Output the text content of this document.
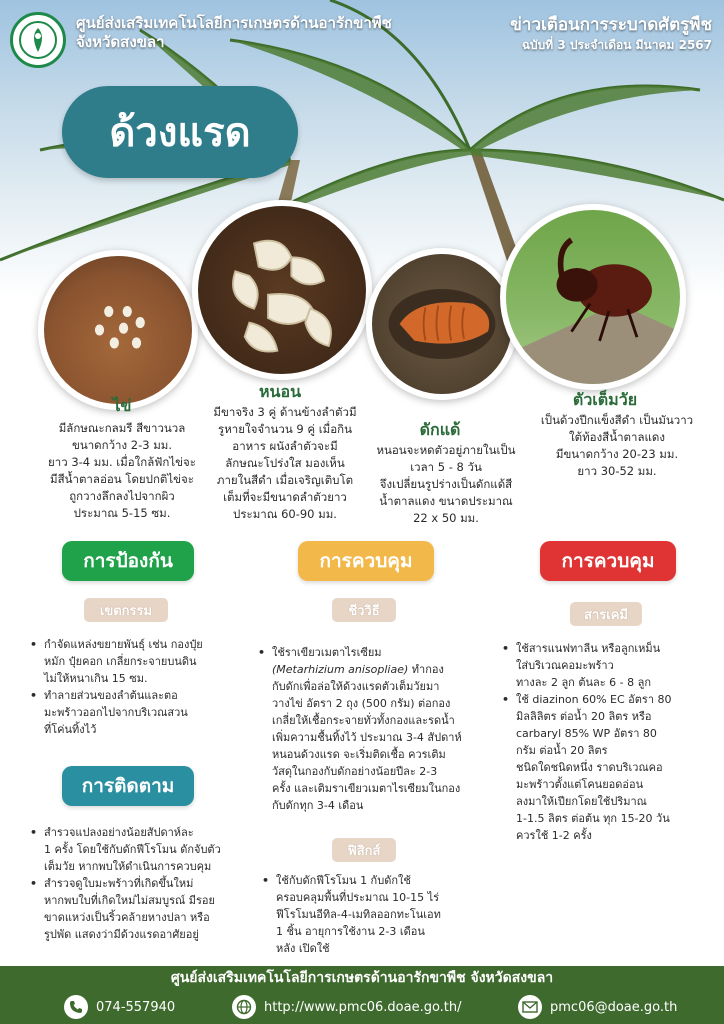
ศูนย์ส่งเสริมเทคโนโลยีการเกษตรด้านอารักขาพืช
จังหวัดสงขลา
ข่าวเตือนการระบาดศัตรูพืช
ฉบับที่ 3 ประจำเดือน มีนาคม 2567
ด้วงแรด
ไข่
มีลักษณะกลมรี สีขาวนวล
ขนาดกว้าง 2-3 มม.
ยาว 3-4 มม. เมื่อใกล้ฟักไข่จะ
มีสีน้ำตาลอ่อน โดยปกติไข่จะ
ถูกวางลึกลงไปจากผิว
ประมาณ 5-15 ซม.
หนอน
มีขาจริง 3 คู่ ด้านข้างลำตัวมี
รูหายใจจำนวน 9 คู่ เมื่อกิน
อาหาร ผนังลำตัวจะมี
ลักษณะโปร่งใส มองเห็น
ภายในสีดำ เมื่อเจริญเติบโต
เต็มที่จะมีขนาดลำตัวยาว
ประมาณ 60-90 มม.
ดักแด้
หนอนจะหดตัวอยู่ภายในเป็น
เวลา 5 - 8 วัน
จึงเปลี่ยนรูปร่างเป็นดักแด้สี
น้ำตาลแดง ขนาดประมาณ
22 x 50 มม.
ตัวเต็มวัย
เป็นด้วงปีกแข็งสีดำ เป็นมันวาว
ใต้ท้องสีน้ำตาลแดง
มีขนาดกว้าง 20-23 มม.
ยาว 30-52 มม.
การป้องกัน
เขตกรรม
• กำจัดแหล่งขยายพันธุ์ เช่น กองปุ๋ย
หมัก ปุ๋ยคอก เกลี่ยกระจายบนดิน
ไม่ให้หนาเกิน 15 ซม.
• ทำลายส่วนของลำต้นและตอ
มะพร้าวออกไปจากบริเวณสวน
ที่โค่นทิ้งไว้
การติดตาม
• สำรวจแปลงอย่างน้อยสัปดาห์ละ
1 ครั้ง โดยใช้กับดักฟีโรโมน ดักจับตัว
เต็มวัย หากพบให้ดำเนินการควบคุม
• สำรวจดูใบมะพร้าวที่เกิดขึ้นใหม่
หากพบใบที่เกิดใหม่ไม่สมบูรณ์ มีรอย
ขาดแหว่งเป็นริ้วคล้ายหางปลา หรือ
รูปพัด แสดงว่ามีด้วงแรดอาศัยอยู่
การควบคุม
ชีววิธี
• ใช้ราเขียวเมตาไรเซียม
(Metarhizium anisopliae) ทำกอง
กับดักเพื่อล่อให้ด้วงแรดตัวเต็มวัยมา
วางไข่ อัตรา 2 ถุง (500 กรัม) ต่อกอง
เกลี่ยให้เชื้อกระจายทั่วทั้งกองและรดน้ำ
เพิ่มความชื้นทิ้งไว้ ประมาณ 3-4 สัปดาห์
หนอนด้วงแรด จะเริ่มติดเชื้อ ควรเติม
วัสดุในกองกับดักอย่างน้อยปีละ 2-3
ครั้ง และเติมราเขียวเมตาไรเซียมในกอง
กับดักทุก 3-4 เดือน
ฟิสิกส์
• ใช้กับดักฟีโรโมน 1 กับดักใช้
ครอบคลุมพื้นที่ประมาณ 10-15 ไร่
ฟีโรโมนอีทิล-4-เมทิลออกทะโนเอท
1 ชิ้น อายุการใช้งาน 2-3 เดือน
หลัง เปิดใช้
การควบคุม
สารเคมี
• ใช้สารแนฟทาลีน หรือลูกเหม็น
ใส่บริเวณคอมะพร้าว
ทางละ 2 ลูก ต้นละ 6 - 8 ลูก
• ใช้ diazinon 60% EC อัตรา 80
มิลลิลิตร ต่อน้ำ 20 ลิตร หรือ
carbaryl 85% WP อัตรา 80
กรัม ต่อน้ำ 20 ลิตร
ชนิดใดชนิดหนึ่ง ราดบริเวณคอ
มะพร้าวตั้งแต่โคนยอดอ่อน
ลงมาให้เปียกโดยใช้ปริมาณ
1-1.5 ลิตร ต่อต้น ทุก 15-20 วัน
ควรใช้ 1-2 ครั้ง
ศูนย์ส่งเสริมเทคโนโลยีการเกษตรด้านอารักขาพืช จังหวัดสงขลา
074-557940	http://www.pmc06.doae.go.th/	pmc06@doae.go.th
